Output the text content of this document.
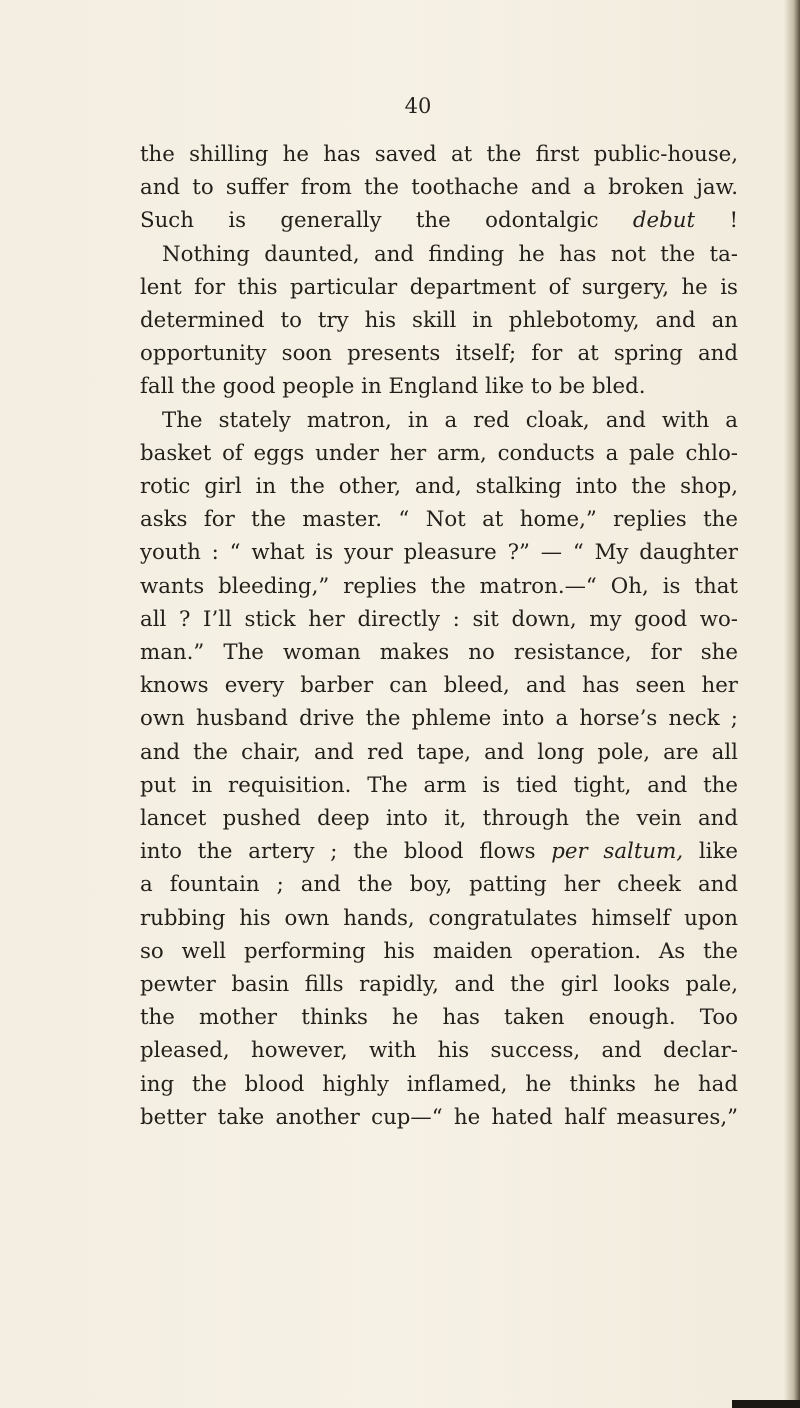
40
the shilling he has saved at the first public-house,
and to suffer from the toothache and a broken jaw.
Such is generally the odontalgic debut !
Nothing daunted, and finding he has not the ta-
lent for this particular department of surgery, he is
determined to try his skill in phlebotomy, and an
opportunity soon presents itself; for at spring and
fall the good people in England like to be bled.
The stately matron, in a red cloak, and with a
basket of eggs under her arm, conducts a pale chlo-
rotic girl in the other, and, stalking into the shop,
asks for the master. “ Not at home,” replies the
youth : “ what is your pleasure ?” — “ My daughter
wants bleeding,” replies the matron.—“ Oh, is that
all ? I’ll stick her directly : sit down, my good wo-
man.” The woman makes no resistance, for she
knows every barber can bleed, and has seen her
own husband drive the phleme into a horse’s neck ;
and the chair, and red tape, and long pole, are all
put in requisition. The arm is tied tight, and the
lancet pushed deep into it, through the vein and
into the artery ; the blood flows per saltum, like
a fountain ; and the boy, patting her cheek and
rubbing his own hands, congratulates himself upon
so well performing his maiden operation. As the
pewter basin fills rapidly, and the girl looks pale,
the mother thinks he has taken enough. Too
pleased, however, with his success, and declar-
ing the blood highly inflamed, he thinks he had
better take another cup—“ he hated half measures,”
